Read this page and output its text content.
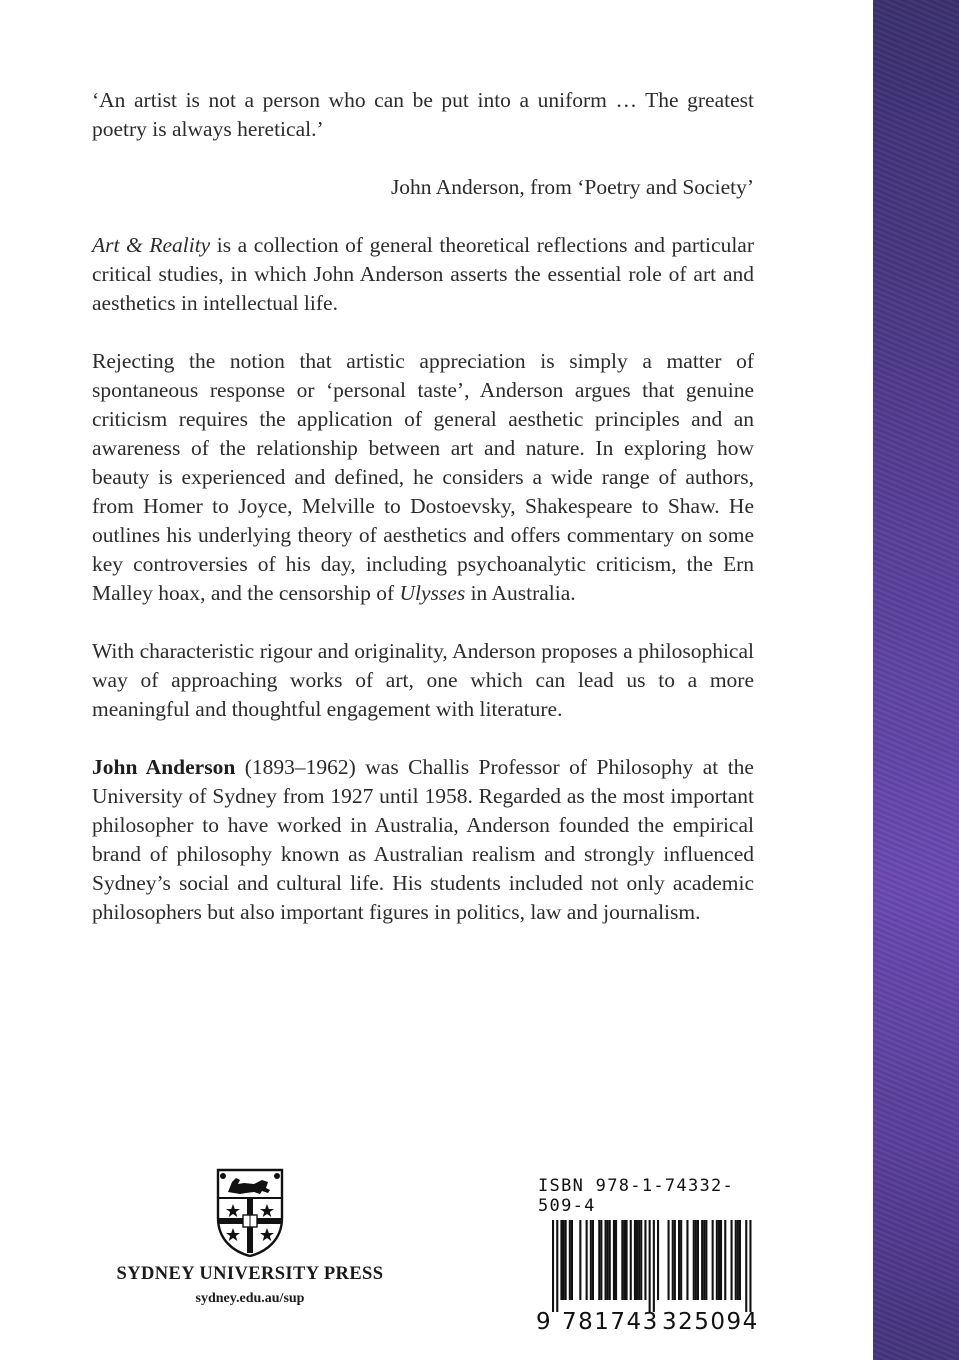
‘An artist is not a person who can be put into a uniform … The greatest poetry is always heretical.’

John Anderson, from ‘Poetry and Society’

Art & Reality is a collection of general theoretical reflections and particular critical studies, in which John Anderson asserts the essential role of art and aesthetics in intellectual life.

Rejecting the notion that artistic appreciation is simply a matter of spontaneous response or ‘personal taste’, Anderson argues that genuine criticism requires the application of general aesthetic principles and an awareness of the relationship between art and nature. In exploring how beauty is experienced and defined, he considers a wide range of authors, from Homer to Joyce, Melville to Dostoevsky, Shakespeare to Shaw. He outlines his underlying theory of aesthetics and offers commentary on some key controversies of his day, including psychoanalytic criticism, the Ern Malley hoax, and the censorship of Ulysses in Australia.

With characteristic rigour and originality, Anderson proposes a philosophical way of approaching works of art, one which can lead us to a more meaningful and thoughtful engagement with literature.

John Anderson (1893–1962) was Challis Professor of Philosophy at the University of Sydney from 1927 until 1958. Regarded as the most important philosopher to have worked in Australia, Anderson founded the empirical brand of philosophy known as Australian realism and strongly influenced Sydney’s social and cultural life. His students included not only academic philosophers but also important figures in politics, law and journalism.

SYDNEY UNIVERSITY PRESS
sydney.edu.au/sup
ISBN 978-1-74332-509-4
9 781743 325094
